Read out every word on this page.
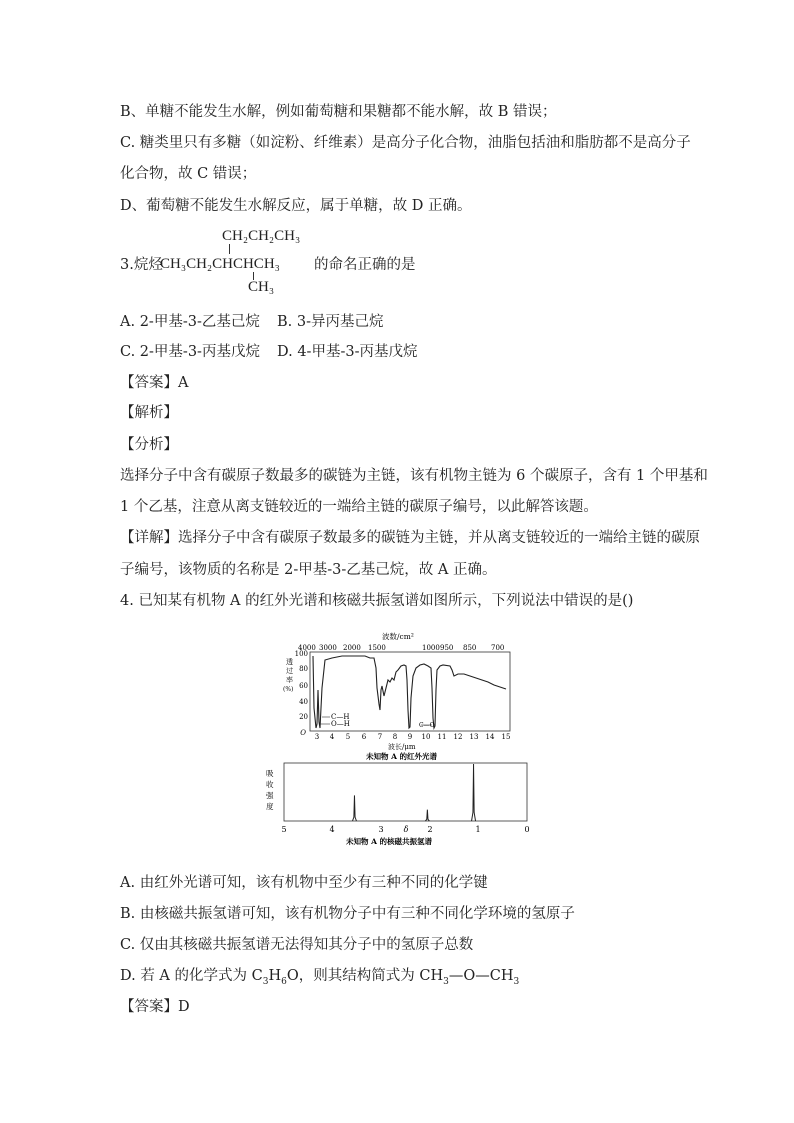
B、单糖不能发生水解，例如葡萄糖和果糖都不能水解，故 B 错误；
C. 糖类里只有多糖（如淀粉、纤维素）是高分子化合物，油脂包括油和脂肪都不是高分子
化合物，故 C 错误；
D、葡萄糖不能发生水解反应，属于单糖，故 D 正确。
3.烷烃
CH₂CH₂CH₃
CH₃CH₂CHCHCH₃
CH₃
的命名正确的是
A. 2-甲基-3-乙基己烷 B. 3-异丙基己烷
C. 2-甲基-3-丙基戊烷 D. 4-甲基-3-丙基戊烷
【答案】A
【解析】
【分析】
选择分子中含有碳原子数最多的碳链为主链，该有机物主链为 6 个碳原子，含有 1 个甲基和
1 个乙基，注意从离支链较近的一端给主链的碳原子编号，以此解答该题。
【详解】选择分子中含有碳原子数最多的碳链为主链，并从离支链较近的一端给主链的碳原
子编号，该物质的名称是 2-甲基-3-乙基己烷，故 A 正确。
4. 已知某有机物 A 的红外光谱和核磁共振氢谱如图所示，下列说法中错误的是()
波数/cm²
4000 3000 2000 1500	1000 950 850 700
透
过
率
(%)
100
80
60
40
20
O
C—H
O—H	C—O
3 4 5 6 7 8 9 10 11 12 13 14 15
波长/μm
未知物 A 的红外光谱
吸
收
强
度
5	4	3	δ 2	1	0
未知物 A 的核磁共振氢谱
A. 由红外光谱可知，该有机物中至少有三种不同的化学键
B. 由核磁共振氢谱可知，该有机物分子中有三种不同化学环境的氢原子
C. 仅由其核磁共振氢谱无法得知其分子中的氢原子总数
D. 若 A 的化学式为 $C_3H_6O$，则其结构简式为 $CH_3—O—CH_3$
【答案】D
